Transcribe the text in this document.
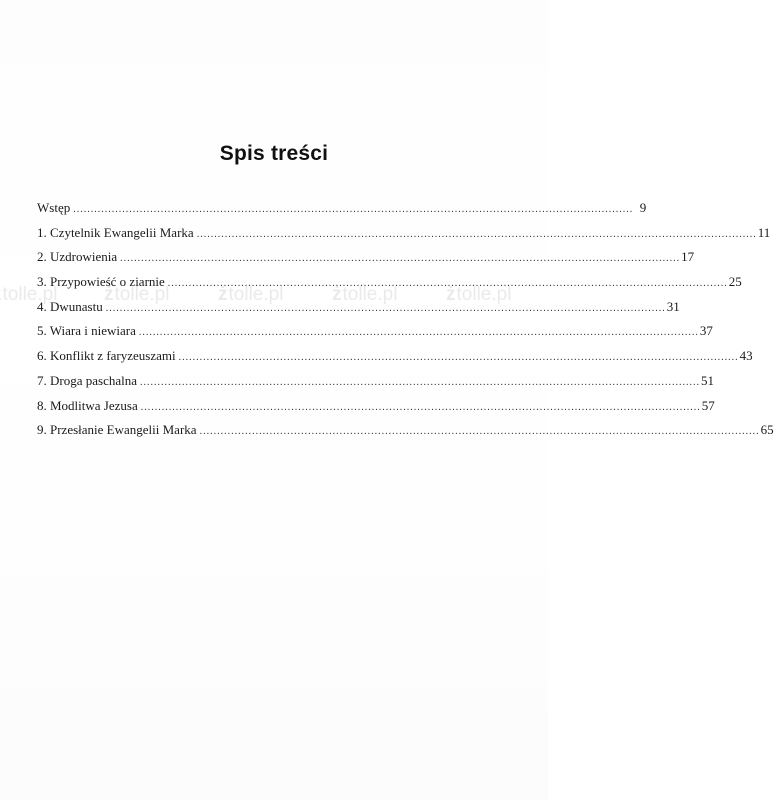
Spis treści
Wstęp .....	9
1. Czytelnik Ewangelii Marka .....	11
2. Uzdrowienia .....	17
3. Przypowieść o ziarnie .....	25
4. Dwunastu .....	31
5. Wiara i niewiara .....	37
6. Konflikt z faryzeuszami .....	43
7. Droga paschalna .....	51
8. Modlitwa Jezusa .....	57
9. Przesłanie Ewangelii Marka .....	65
tolle.pl żtolle.pl	żtolle.pl	żtolle.pl	żtolle.pl
